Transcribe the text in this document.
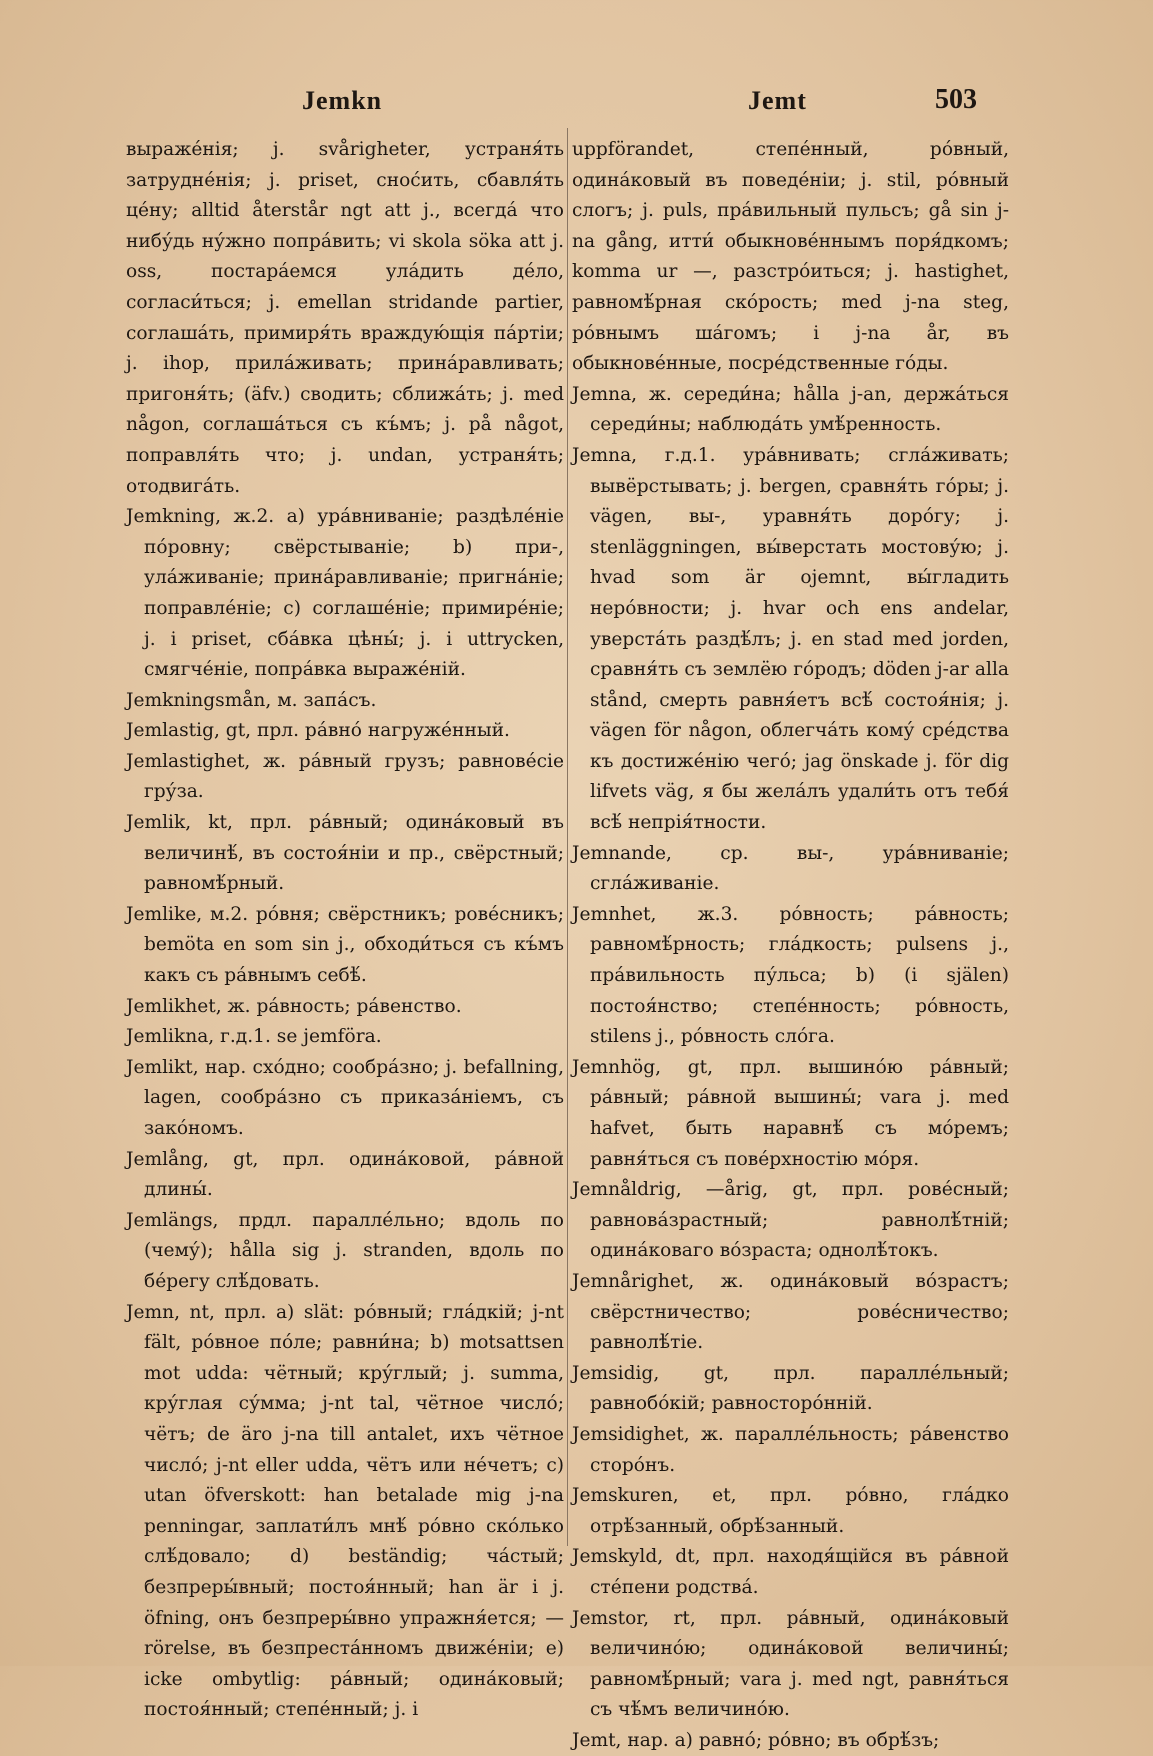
Jemkn	Jemt	503

выраже́нія; j. svårigheter, устраня́ть затрудне́нія; j. priset, снос́ить, сбавля́ть це́ну; alltid återstår ngt att j., всегда́ что нибу́дь ну́жно попра́вить; vi skola söka att j. oss, постара́емся ула́дить де́ло, согласи́ться; j. emellan stridande partier, соглаша́ть, примиря́ть враждую́щія па́ртіи; j. ihop, прила́живать; прина́равливать; пригоня́ть; (äfv.) сводить; сближа́ть; j. med någon, соглаша́ться съ къ́мъ; j. på något, поправля́ть что; j. undan, устраня́ть; отодвига́ть.

Jemkning, ж.2. a) ура́вниваніе; раздѣле́ніе по́ровну; свёрстываніе; b) при-, ула́живаніе; прина́равливаніе; пригна́ніе; поправле́ніе; c) соглаше́ніе; примире́ніе; j. i priset, сба́вка цѣны́; j. i uttrycken, смягче́ніе, попра́вка выраже́ній.

Jemkningsmån, м. запа́съ.

Jemlastig, gt, прл. ра́вно́ нагруже́нный.

Jemlastighet, ж. ра́вный грузъ; равнове́сіе гру́за.

Jemlik, kt, прл. ра́вный; одина́ковый въ величинѣ́, въ состоя́ніи и пр., свёрстный; равномѣ́рный.

Jemlike, м.2. ро́вня; свёрстникъ; рове́сникъ; bemöta en som sin j., обходи́ться съ къ́мъ какъ съ ра́внымъ себѣ́.

Jemlikhet, ж. ра́вность; ра́венство.

Jemlikna, г.д.1. se jemföra.

Jemlikt, нар. схо́дно; сообра́зно; j. befallning, lagen, сообра́зно съ приказа́ніемъ, съ зако́номъ.

Jemlång, gt, прл. одина́ковой, ра́вной длины́.

Jemlängs, прдл. паралле́льно; вдоль по (чему́); hålla sig j. stranden, вдоль по бе́регу слѣ́довать.

Jemn, nt, прл. a) slät: ро́вный; гла́дкій; j-nt fält, ро́вное по́ле; равни́на; b) motsattsen mot udda: чётный; кру́глый; j. summa, кру́глая су́мма; j-nt tal, чётное число́; чётъ; de äro j-na till antalet, ихъ чётное число́; j-nt eller udda, чётъ или не́четъ; c) utan öfverskott: han betalade mig j-na penningar, заплати́лъ мнѣ́ ро́вно ско́лько слѣ́довало; d) beständig; ча́стый; безпреры́вный; постоя́нный; han är i j. öfning, онъ безпреры́вно упражня́ется; —rörelse, въ безпреста́нномъ движе́ніи; e) icke ombytlig: ра́вный; одина́ковый; постоя́нный; степе́нный; j. i

uppförandet, степе́нный, ро́вный, одина́ковый въ поведе́ніи; j. stil, ро́вный слогъ; j. puls, пра́вильный пульсъ; gå sin j-na gång, итти́ обыкнове́ннымъ поря́дкомъ; komma ur —, разстро́иться; j. hastighet, равномѣ́рная ско́рость; med j-na steg, ро́внымъ ша́гомъ; i j-na år, въ обыкнове́нные, посре́дственные го́ды.

Jemna, ж. середи́на; hålla j-an, держа́ться середи́ны; наблюда́ть умѣ́ренность.

Jemna, г.д.1. ура́внивать; сгла́живать; вывёрстывать; j. bergen, сравня́ть го́ры; j. vägen, вы-, уравня́ть доро́гу; j. stenläggningen, вы́верстать мостову́ю; j. hvad som är ojemnt, вы́гладить неро́вности; j. hvar och ens andelar, уверста́ть раздѣ́лъ; j. en stad med jorden, сравня́ть съ землёю го́родъ; döden j-ar alla stånd, смерть равня́етъ всѣ́ состоя́нія; j. vägen för någon, облегча́ть кому́ сре́дства къ достиже́нію чего́; jag önskade j. för dig lifvets väg, я бы жела́лъ удали́ть отъ тебя́ всѣ́ непрія́тности.

Jemnande, ср. вы-, ура́вниваніе; сгла́живаніе.

Jemnhet, ж.3. ро́вность; ра́вность; равномѣ́рность; гла́дкость; pulsens j., пра́вильность пу́льса; b) (i själen) постоя́нство; степе́нность; ро́вность, stilens j., ро́вность сло́га.

Jemnhög, gt, прл. вышино́ю ра́вный; ра́вный; ра́вной вышины́; vara j. med hafvet, быть наравнѣ́ съ мо́ремъ; равня́ться съ пове́рхностію мо́ря.

Jemnåldrig, —årig, gt, прл. рове́сный; равнова́зрастный; равнолѣ́тній; одина́коваго во́зраста; однолѣ́токъ.

Jemnårighet, ж. одина́ковый во́зрастъ; свёрстничество; рове́сничество; равнолѣ́тіе.

Jemsidig, gt, прл. паралле́льный; равнобо́кій; равносторо́нній.

Jemsidighet, ж. паралле́льность; ра́венство сторо́нъ.

Jemskuren, et, прл. ро́вно, гла́дко отрѣ́занный, обрѣ́занный.

Jemskyld, dt, прл. находя́щійся въ ра́вной сте́пени родства́.

Jemstor, rt, прл. ра́вный, одина́ковый величино́ю; одина́ковой величины́; равномѣ́рный; vara j. med ngt, равня́ться съ чѣ́мъ величино́ю.

Jemt, нар. a) равно́; ро́вно; въ обрѣ́зъ;
